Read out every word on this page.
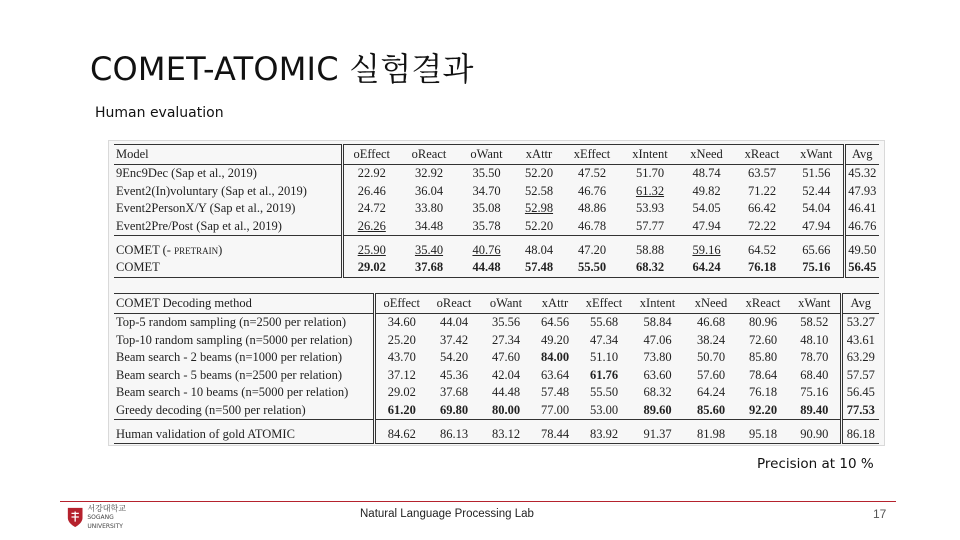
COMET-ATOMIC 실험결과
Human evaluation
Model	oEffect	oReact	oWant	xAttr	xEffect	xIntent	xNeed	xReact	xWant	Avg
9Enc9Dec (Sap et al., 2019)	22.92	32.92	35.50	52.20	47.52	51.70	48.74	63.57	51.56	45.32
Event2(In)voluntary (Sap et al., 2019)	26.46	36.04	34.70	52.58	46.76	61.32	49.82	71.22	52.44	47.93
Event2PersonX/Y (Sap et al., 2019)	24.72	33.80	35.08	52.98	48.86	53.93	54.05	66.42	54.04	46.41
Event2Pre/Post (Sap et al., 2019)	26.26	34.48	35.78	52.20	46.78	57.77	47.94	72.22	47.94	46.76

COMET (- pretrain)	25.90	35.40	40.76	48.04	47.20	58.88	59.16	64.52	65.66	49.50
COMET	29.02	37.68	44.48	57.48	55.50	68.32	64.24	76.18	75.16	56.45
COMET Decoding method	oEffect	oReact	oWant	xAttr	xEffect	xIntent	xNeed	xReact	xWant	Avg
Top-5 random sampling (n=2500 per relation)	34.60	44.04	35.56	64.56	55.68	58.84	46.68	80.96	58.52	53.27
Top-10 random sampling (n=5000 per relation)	25.20	37.42	27.34	49.20	47.34	47.06	38.24	72.60	48.10	43.61
Beam search - 2 beams (n=1000 per relation)	43.70	54.20	47.60	84.00	51.10	73.80	50.70	85.80	78.70	63.29
Beam search - 5 beams (n=2500 per relation)	37.12	45.36	42.04	63.64	61.76	63.60	57.60	78.64	68.40	57.57
Beam search - 10 beams (n=5000 per relation)	29.02	37.68	44.48	57.48	55.50	68.32	64.24	76.18	75.16	56.45
Greedy decoding (n=500 per relation)	61.20	69.80	80.00	77.00	53.00	89.60	85.60	92.20	89.40	77.53

Human validation of gold ATOMIC	84.62	86.13	83.12	78.44	83.92	91.37	81.98	95.18	90.90	86.18
Precision at 10 %
서강대학교
SOGANG UNIVERSITY
Natural Language Processing Lab	17
